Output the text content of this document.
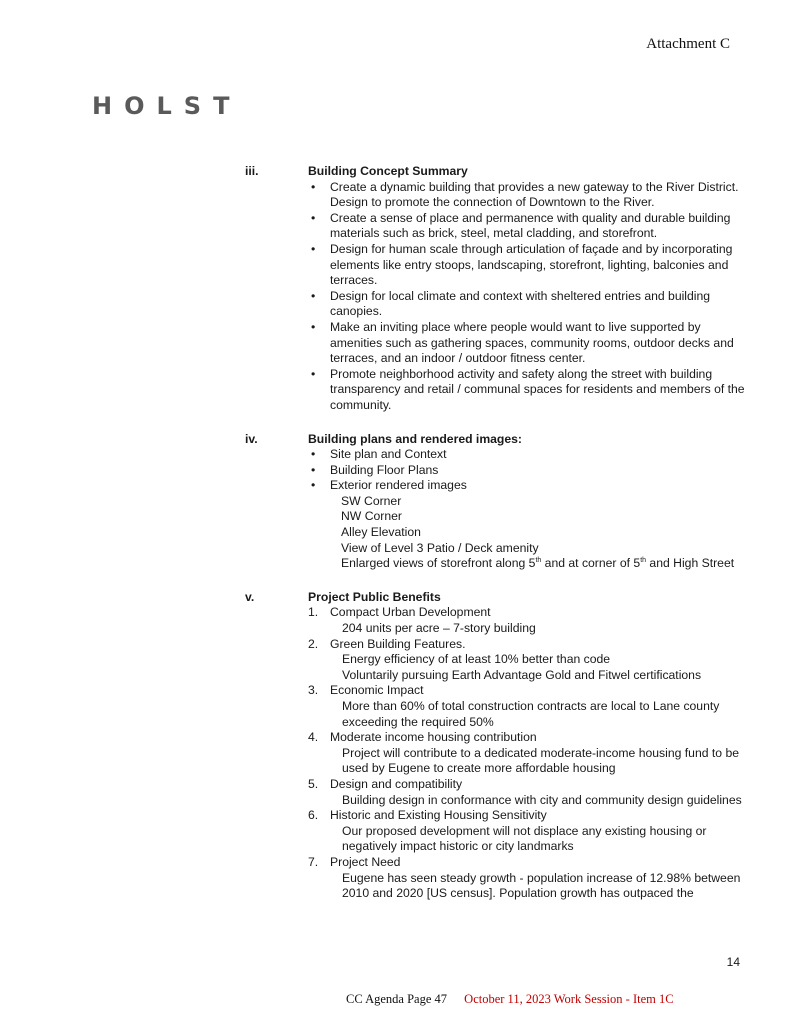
Attachment C
HOLST
iii.	Building Concept Summary
• Create a dynamic building that provides a new gateway to the River District. Design to promote the connection of Downtown to the River.
• Create a sense of place and permanence with quality and durable building materials such as brick, steel, metal cladding, and storefront.
• Design for human scale through articulation of façade and by incorporating elements like entry stoops, landscaping, storefront, lighting, balconies and terraces.
• Design for local climate and context with sheltered entries and building canopies.
• Make an inviting place where people would want to live supported by amenities such as gathering spaces, community rooms, outdoor decks and terraces, and an indoor / outdoor fitness center.
• Promote neighborhood activity and safety along the street with building transparency and retail / communal spaces for residents and members of the community.
iv.	Building plans and rendered images:
• Site plan and Context
• Building Floor Plans
• Exterior rendered images
SW Corner
NW Corner
Alley Elevation
View of Level 3 Patio / Deck amenity
Enlarged views of storefront along 5th and at corner of 5th and High Street
v.	Project Public Benefits
1. Compact Urban Development
204 units per acre – 7-story building
2. Green Building Features.
Energy efficiency of at least 10% better than code
Voluntarily pursuing Earth Advantage Gold and Fitwel certifications
3. Economic Impact
More than 60% of total construction contracts are local to Lane county exceeding the required 50%
4. Moderate income housing contribution
Project will contribute to a dedicated moderate-income housing fund to be used by Eugene to create more affordable housing
5. Design and compatibility
Building design in conformance with city and community design guidelines
6. Historic and Existing Housing Sensitivity
Our proposed development will not displace any existing housing or negatively impact historic or city landmarks
7. Project Need
Eugene has seen steady growth - population increase of 12.98% between 2010 and 2020 [US census]. Population growth has outpaced the
14
CC Agenda Page 47 October 11, 2023 Work Session - Item 1C
